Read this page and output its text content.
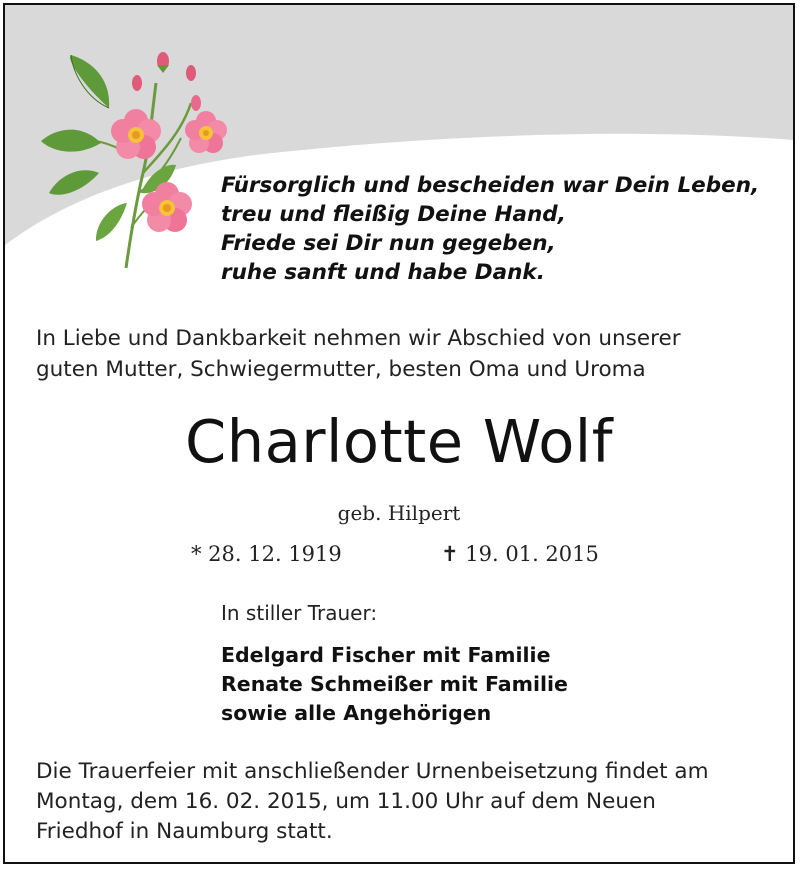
Fürsorglich und bescheiden war Dein Leben,
treu und fleißig Deine Hand,
Friede sei Dir nun gegeben,
ruhe sanft und habe Dank.
In Liebe und Dankbarkeit nehmen wir Abschied von unserer
guten Mutter, Schwiegermutter, besten Oma und Uroma
Charlotte Wolf
geb. Hilpert
* 28. 12. 1919	✝ 19. 01. 2015
In stiller Trauer:
Edelgard Fischer mit Familie
Renate Schmeißer mit Familie
sowie alle Angehörigen
Die Trauerfeier mit anschließender Urnenbeisetzung findet am
Montag, dem 16. 02. 2015, um 11.00 Uhr auf dem Neuen
Friedhof in Naumburg statt.
